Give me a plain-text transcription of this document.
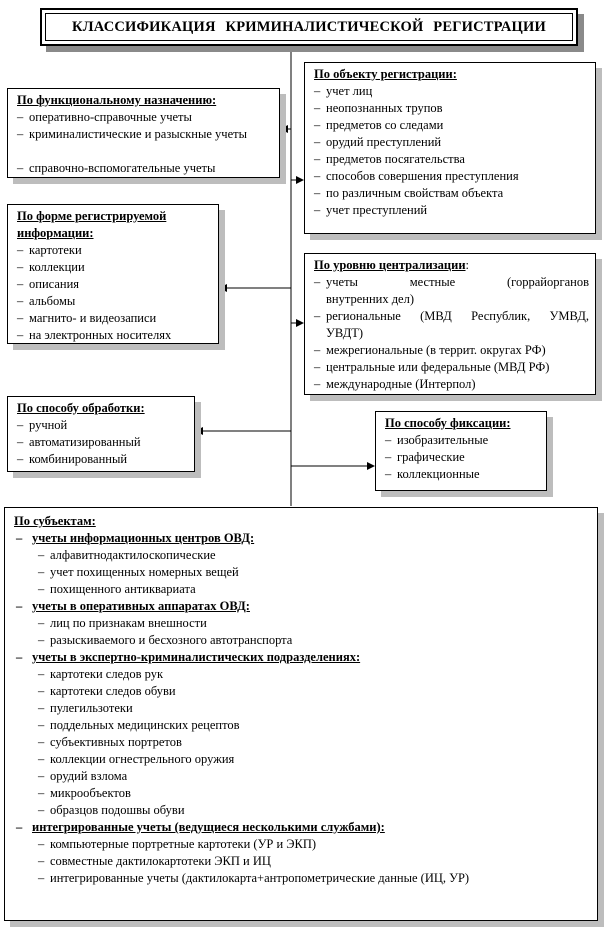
КЛАССИФИКАЦИЯ КРИМИНАЛИСТИЧЕСКОЙ РЕГИСТРАЦИИ
По функциональному назначению:
– оперативно-справочные учеты
– криминалистические и разыскные учеты

– справочно-вспомогательные учеты
По объекту регистрации:
– учет лиц
– неопознанных трупов
– предметов со следами
– орудий преступлений
– предметов посягательства
– способов совершения преступления
– по различным свойствам объекта
– учет преступлений
По форме регистрируемой
информации:
– картотеки
– коллекции
– описания
– альбомы
– магнито- и видеозаписи
– на электронных носителях
По уровню централизации:
– учеты местные (горрайорганов
внутренних дел)
– региональные (МВД Республик, УМВД,
УВДТ)
– межрегиональные (в террит. округах РФ)
– центральные или федеральные (МВД РФ)
– международные (Интерпол)
По способу обработки:
– ручной
– автоматизированный
– комбинированный
По способу фиксации:
– изобразительные
– графические
– коллекционные
По субъектам:
– учеты информационных центров ОВД:
– алфавитнодактилоскопические
– учет похищенных номерных вещей
– похищенного антиквариата
– учеты в оперативных аппаратах ОВД:
– лиц по признакам внешности
– разыскиваемого и бесхозного автотранспорта
– учеты в экспертно-криминалистических подразделениях:
– картотеки следов рук
– картотеки следов обуви
– пулегильзотеки
– поддельных медицинских рецептов
– субъективных портретов
– коллекции огнестрельного оружия
– орудий взлома
– микрообъектов
– образцов подошвы обуви
– интегрированные учеты (ведущиеся несколькими службами):
– компьютерные портретные картотеки (УР и ЭКП)
– совместные дактилокартотеки ЭКП и ИЦ
– интегрированные учеты (дактилокарта+антропометрические данные (ИЦ, УР)
